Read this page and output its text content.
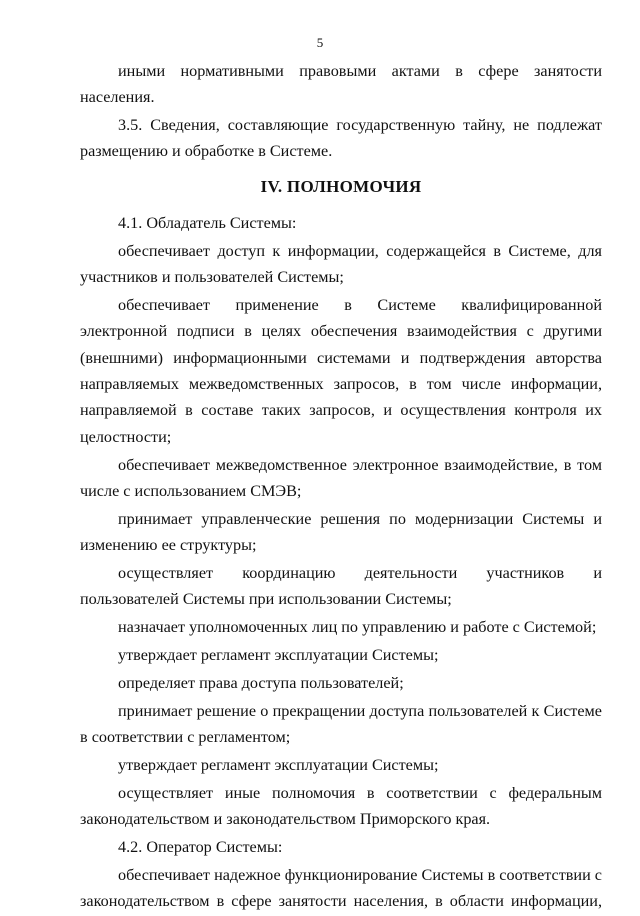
5

иными нормативными правовыми актами в сфере занятости населения.

3.5. Сведения, составляющие государственную тайну, не подлежат размещению и обработке в Системе.

IV. ПОЛНОМОЧИЯ

4.1. Обладатель Системы:

обеспечивает доступ к информации, содержащейся в Системе, для участников и пользователей Системы;

обеспечивает применение в Системе квалифицированной электронной подписи в целях обеспечения взаимодействия с другими (внешними) информационными системами и подтверждения авторства направляемых межведомственных запросов, в том числе информации, направляемой в составе таких запросов, и осуществления контроля их целостности;

обеспечивает межведомственное электронное взаимодействие, в том числе с использованием СМЭВ;

принимает управленческие решения по модернизации Системы и изменению ее структуры;

осуществляет координацию деятельности участников и пользователей Системы при использовании Системы;

назначает уполномоченных лиц по управлению и работе с Системой;

утверждает регламент эксплуатации Системы;

определяет права доступа пользователей;

принимает решение о прекращении доступа пользователей к Системе в соответствии с регламентом;

утверждает регламент эксплуатации Системы;

осуществляет иные полномочия в соответствии с федеральным законодательством и законодательством Приморского края.

4.2. Оператор Системы:

обеспечивает надежное функционирование Системы в соответствии с законодательством в сфере занятости населения, в области информации,
